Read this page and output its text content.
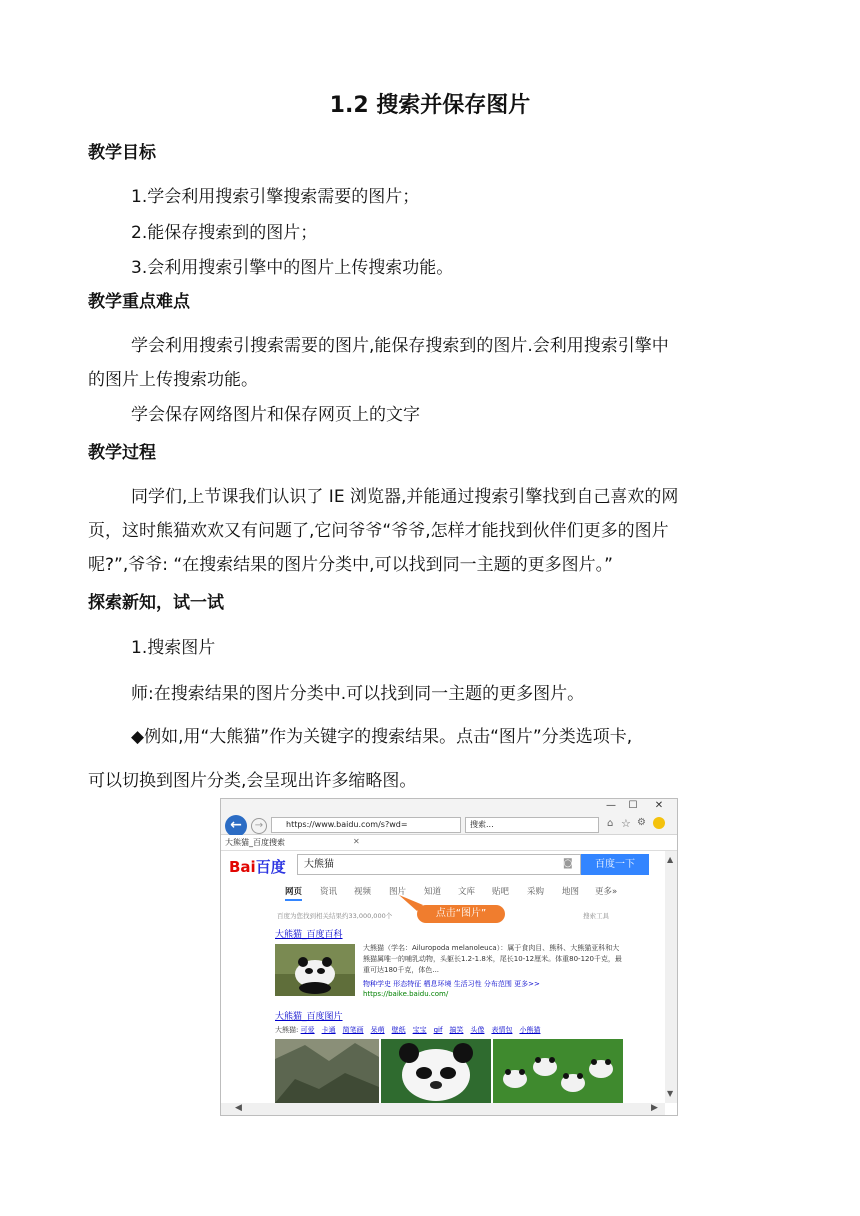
1.2 搜索并保存图片
教学目标
1.学会利用搜索引擎搜索需要的图片；
2.能保存搜索到的图片；
3.会利用搜索引擎中的图片上传搜索功能。
教学重点难点
学会利用搜索引搜索需要的图片,能保存搜索到的图片.会利用搜索引擎中
的图片上传搜索功能。
学会保存网络图片和保存网页上的文字
教学过程
同学们,上节课我们认识了 IE 浏览器,并能通过搜索引擎找到自己喜欢的网
页，这时熊猫欢欢又有问题了,它问爷爷“爷爷,怎样才能找到伙伴们更多的图片
呢?”,爷爷: “在搜索结果的图片分类中,可以找到同一主题的更多图片。”
探索新知，试一试
1.搜索图片
师:在搜索结果的图片分类中.可以找到同一主题的更多图片。
◆例如,用“大熊猫”作为关键字的搜索结果。点击“图片”分类选项卡,
可以切换到图片分类,会呈现出许多缩略图。
—	☐	✕
←	→	https://www.baidu.com/s?wd=	搜索...	⌂ ☆ ⚙
大熊猫_百度搜索	✕
Bai百度	大熊猫	◙	百度一下
网页 资讯 视频 图片 知道 文库 贴吧 采购 地图 更多»
百度为您找到相关结果约33,000,000个	搜索工具
点击“图片”
大熊猫_百度百科
大熊猫（学名：Ailuropoda melanoleuca）：属于食肉目、熊科、大熊猫亚科和大熊猫属唯一的哺乳动物，头躯长1.2-1.8米，尾长10-12厘米。体重80-120千克，最重可达180千克，体色...
物种学史 形态特征 栖息环境 生活习性 分布范围 更多>>
https://baike.baidu.com/
大熊猫_百度图片
大熊猫: 可爱 卡通 简笔画 呆萌 壁纸 宝宝 gif 搞笑 头像 表情包 小熊猫
▲
▼
◀	▶
